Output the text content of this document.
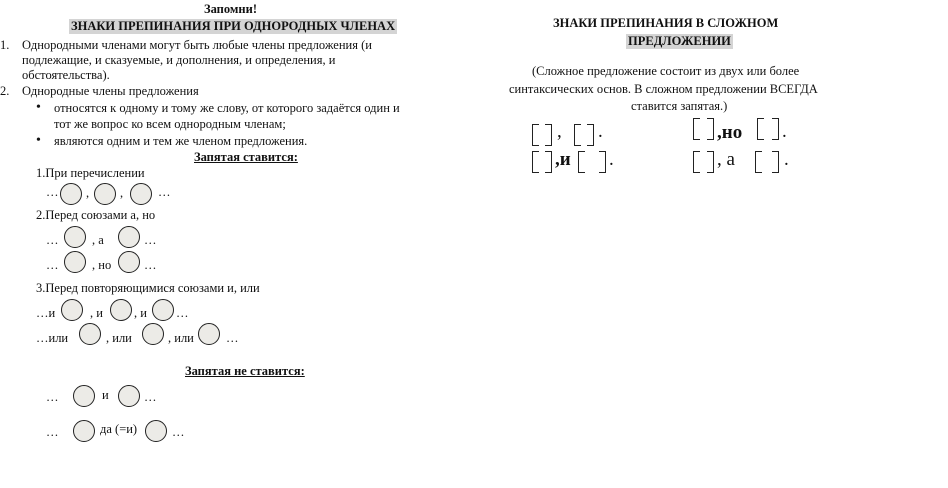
Запомни!
ЗНАКИ ПРЕПИНАНИЯ ПРИ ОДНОРОДНЫХ ЧЛЕНАХ
1. Однородными членами могут быть любые члены предложения (и
подлежащие, и сказуемые, и дополнения, и определения, и
обстоятельства).
2. Однородные члены предложения
• относятся к одному и тому же слову, от которого задаётся один и
тот же вопрос ко всем однородным членам;
• являются одним и тем же членом предложения.
Запятая ставится:
1.При перечислении
… , ,	…
2.Перед союзами а, но
…	, а	…
…	, но	…
3.Перед повторяющимися союзами и, или
…и	, и , и …
…или	, или	, или	…
Запятая не ставится:
…	и	…
…	да (=и)	…
ЗНАКИ ПРЕПИНАНИЯ В СЛОЖНОМ
ПРЕДЛОЖЕНИИ
(Сложное предложение состоит из двух или более
синтаксических основ. В сложном предложении ВСЕГДА
ставится запятая.)
, .	,но .
,и .	, а	.
